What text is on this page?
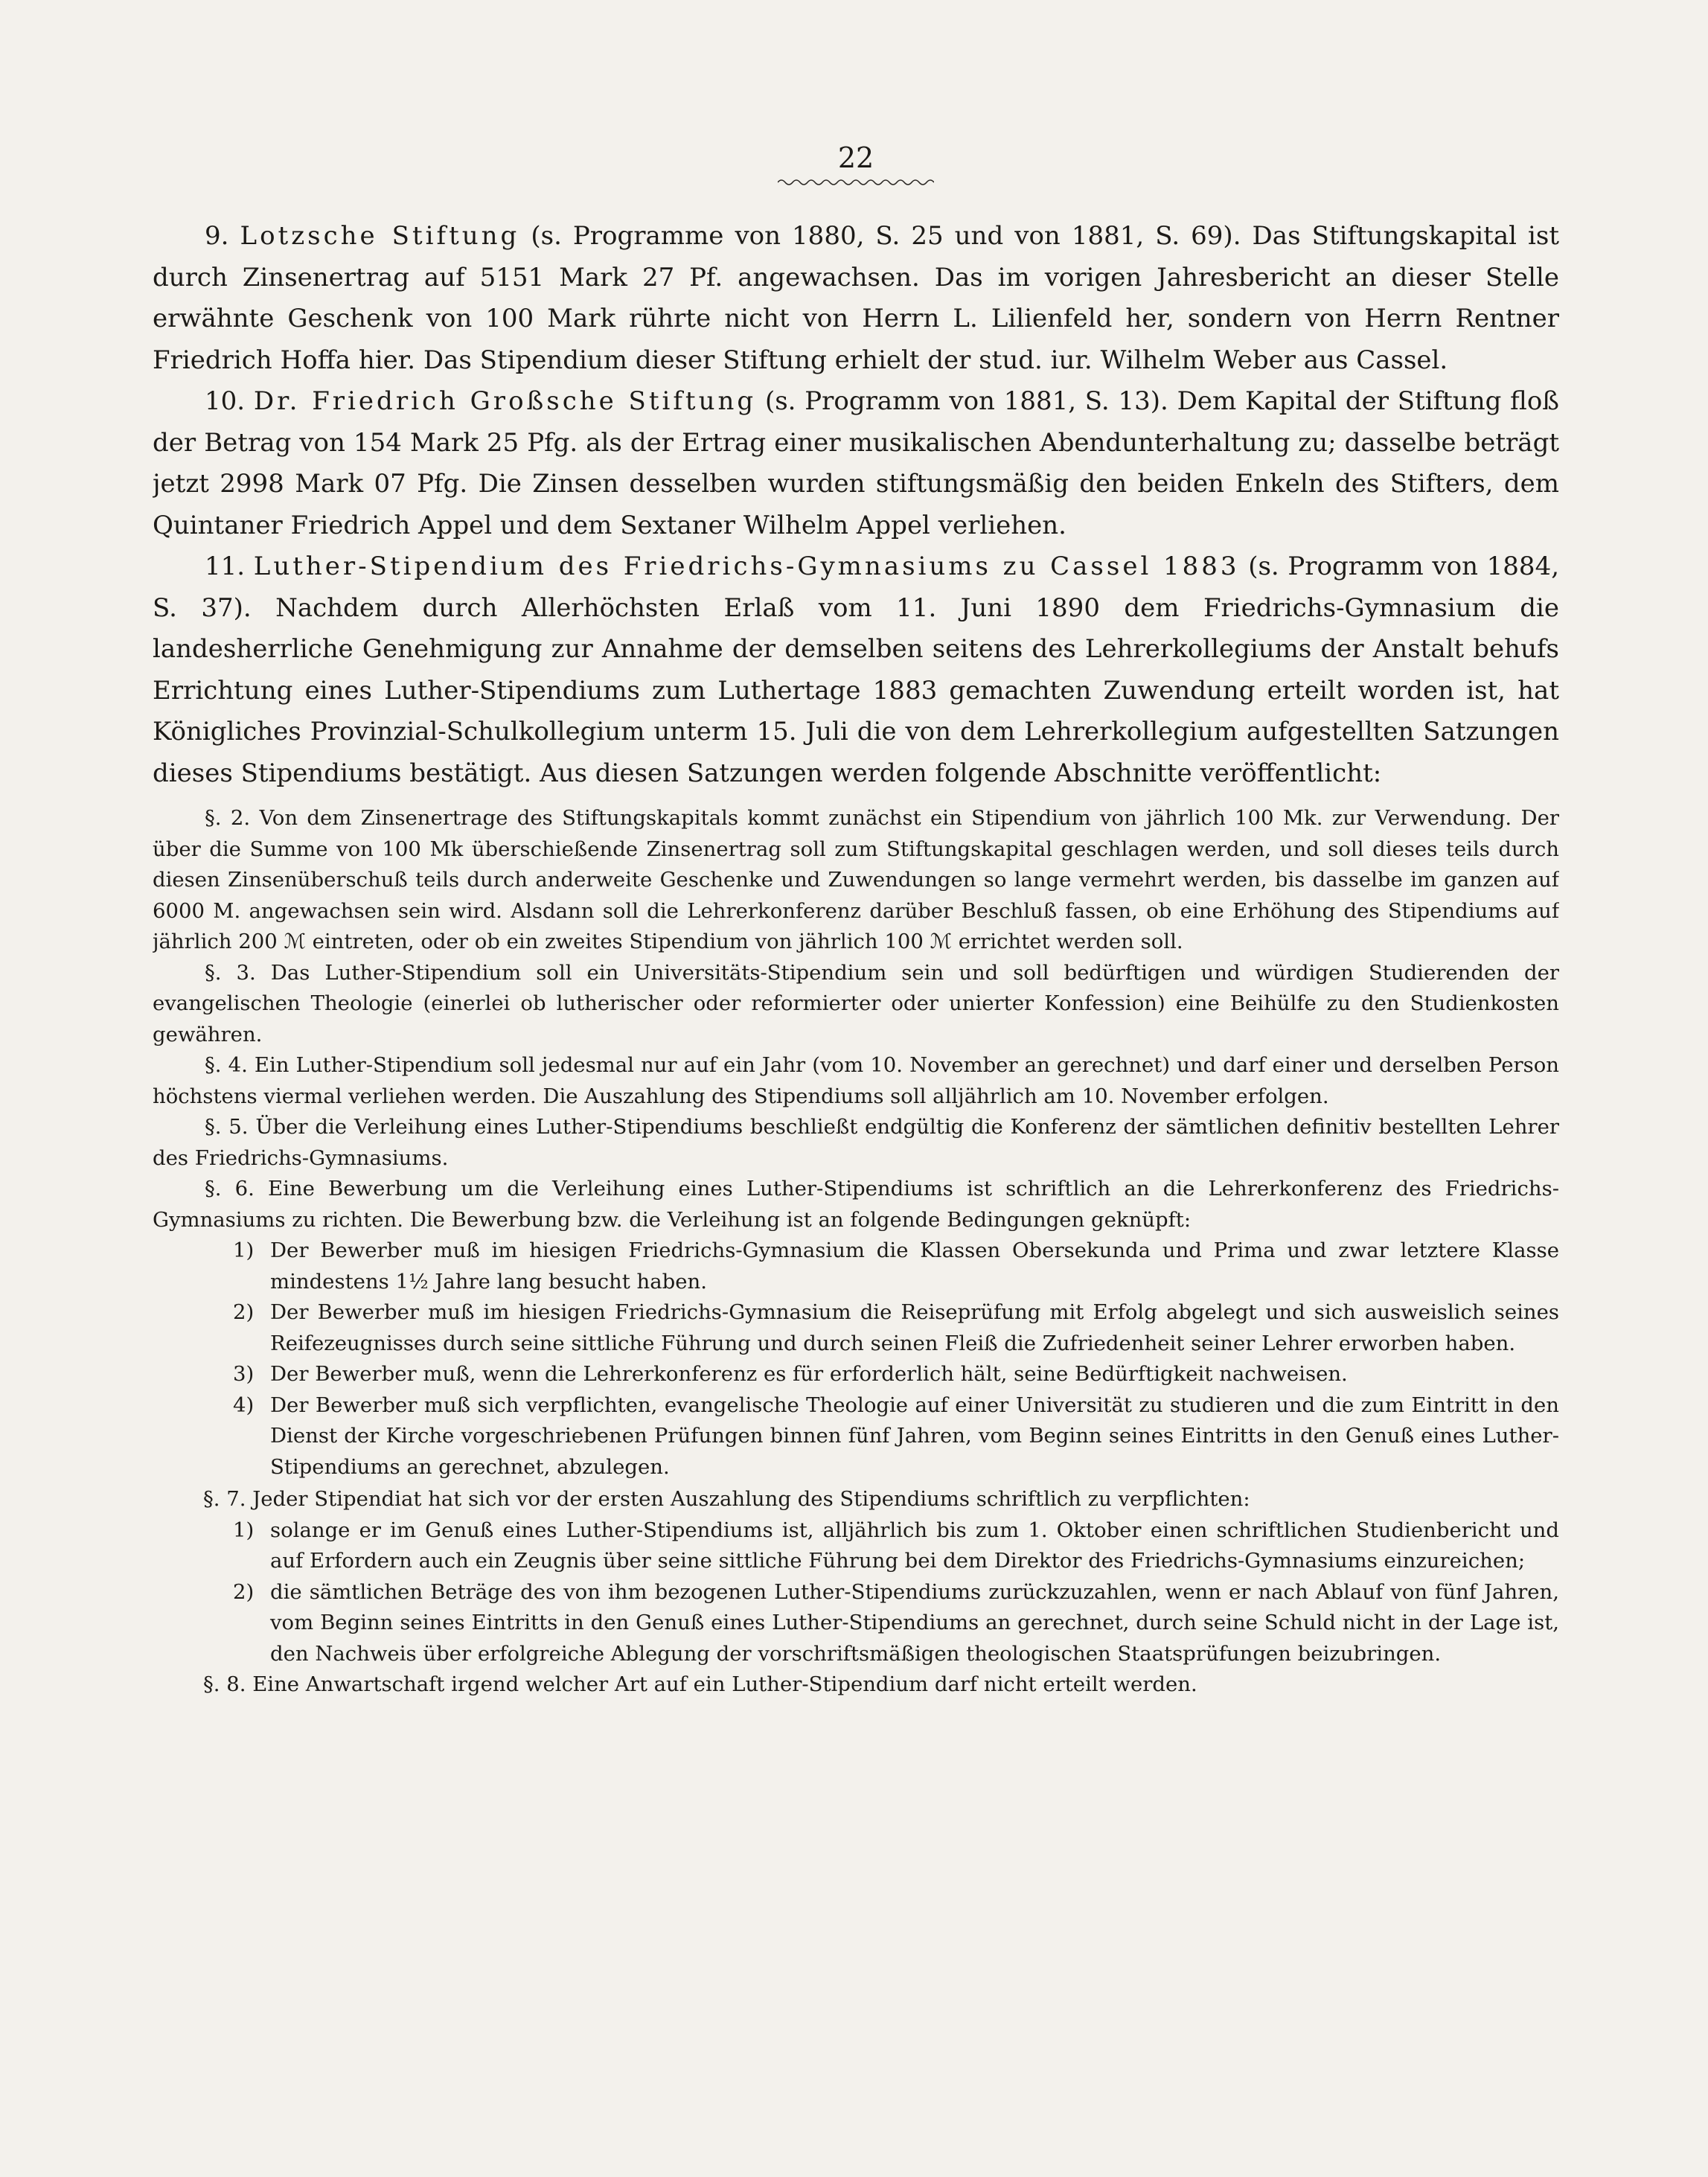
22

9. Lotzsche Stiftung (s. Programme von 1880, S. 25 und von 1881, S. 69). Das Stiftungskapital ist durch Zinsenertrag auf 5151 Mark 27 Pf. angewachsen. Das im vorigen Jahresbericht an dieser Stelle erwähnte Geschenk von 100 Mark rührte nicht von Herrn L. Lilienfeld her, sondern von Herrn Rentner Friedrich Hoffa hier. Das Stipendium dieser Stiftung erhielt der stud. iur. Wilhelm Weber aus Cassel.

10. Dr. Friedrich Großsche Stiftung (s. Programm von 1881, S. 13). Dem Kapital der Stiftung floß der Betrag von 154 Mark 25 Pfg. als der Ertrag einer musikalischen Abendunterhaltung zu; dasselbe beträgt jetzt 2998 Mark 07 Pfg. Die Zinsen desselben wurden stiftungsmäßig den beiden Enkeln des Stifters, dem Quintaner Friedrich Appel und dem Sextaner Wilhelm Appel verliehen.

11. Luther-Stipendium des Friedrichs-Gymnasiums zu Cassel 1883 (s. Programm von 1884, S. 37). Nachdem durch Allerhöchsten Erlaß vom 11. Juni 1890 dem Friedrichs-Gymnasium die landesherrliche Genehmigung zur Annahme der demselben seitens des Lehrerkollegiums der Anstalt behufs Errichtung eines Luther-Stipendiums zum Luthertage 1883 gemachten Zuwendung erteilt worden ist, hat Königliches Provinzial-Schulkollegium unterm 15. Juli die von dem Lehrerkollegium aufgestellten Satzungen dieses Stipendiums bestätigt. Aus diesen Satzungen werden folgende Abschnitte veröffentlicht:

§. 2. Von dem Zinsenertrage des Stiftungskapitals kommt zunächst ein Stipendium von jährlich 100 Mk. zur Verwendung. Der über die Summe von 100 Mk überschießende Zinsenertrag soll zum Stiftungskapital geschlagen werden, und soll dieses teils durch diesen Zinsenüberschuß teils durch anderweite Geschenke und Zuwendungen so lange vermehrt werden, bis dasselbe im ganzen auf 6000 M. angewachsen sein wird. Alsdann soll die Lehrerkonferenz darüber Beschluß fassen, ob eine Erhöhung des Stipendiums auf jährlich 200 ℳ eintreten, oder ob ein zweites Stipendium von jährlich 100 ℳ errichtet werden soll.

§. 3. Das Luther-Stipendium soll ein Universitäts-Stipendium sein und soll bedürftigen und würdigen Studierenden der evangelischen Theologie (einerlei ob lutherischer oder reformierter oder unierter Konfession) eine Beihülfe zu den Studienkosten gewähren.

§. 4. Ein Luther-Stipendium soll jedesmal nur auf ein Jahr (vom 10. November an gerechnet) und darf einer und derselben Person höchstens viermal verliehen werden. Die Auszahlung des Stipendiums soll alljährlich am 10. November erfolgen.

§. 5. Über die Verleihung eines Luther-Stipendiums beschließt endgültig die Konferenz der sämtlichen definitiv bestellten Lehrer des Friedrichs-Gymnasiums.

§. 6. Eine Bewerbung um die Verleihung eines Luther-Stipendiums ist schriftlich an die Lehrerkonferenz des Friedrichs-Gymnasiums zu richten. Die Bewerbung bzw. die Verleihung ist an folgende Bedingungen geknüpft:

1) Der Bewerber muß im hiesigen Friedrichs-Gymnasium die Klassen Obersekunda und Prima und zwar letztere Klasse mindestens 1½ Jahre lang besucht haben.
2) Der Bewerber muß im hiesigen Friedrichs-Gymnasium die Reiseprüfung mit Erfolg abgelegt und sich ausweislich seines Reifezeugnisses durch seine sittliche Führung und durch seinen Fleiß die Zufriedenheit seiner Lehrer erworben haben.
3) Der Bewerber muß, wenn die Lehrerkonferenz es für erforderlich hält, seine Bedürftigkeit nachweisen.
4) Der Bewerber muß sich verpflichten, evangelische Theologie auf einer Universität zu studieren und die zum Eintritt in den Dienst der Kirche vorgeschriebenen Prüfungen binnen fünf Jahren, vom Beginn seines Eintritts in den Genuß eines Luther-Stipendiums an gerechnet, abzulegen.

§. 7. Jeder Stipendiat hat sich vor der ersten Auszahlung des Stipendiums schriftlich zu verpflichten:

1) solange er im Genuß eines Luther-Stipendiums ist, alljährlich bis zum 1. Oktober einen schriftlichen Studienbericht und auf Erfordern auch ein Zeugnis über seine sittliche Führung bei dem Direktor des Friedrichs-Gymnasiums einzureichen;
2) die sämtlichen Beträge des von ihm bezogenen Luther-Stipendiums zurückzuzahlen, wenn er nach Ablauf von fünf Jahren, vom Beginn seines Eintritts in den Genuß eines Luther-Stipendiums an gerechnet, durch seine Schuld nicht in der Lage ist, den Nachweis über erfolgreiche Ablegung der vorschriftsmäßigen theologischen Staatsprüfungen beizubringen.

§. 8. Eine Anwartschaft irgend welcher Art auf ein Luther-Stipendium darf nicht erteilt werden.
